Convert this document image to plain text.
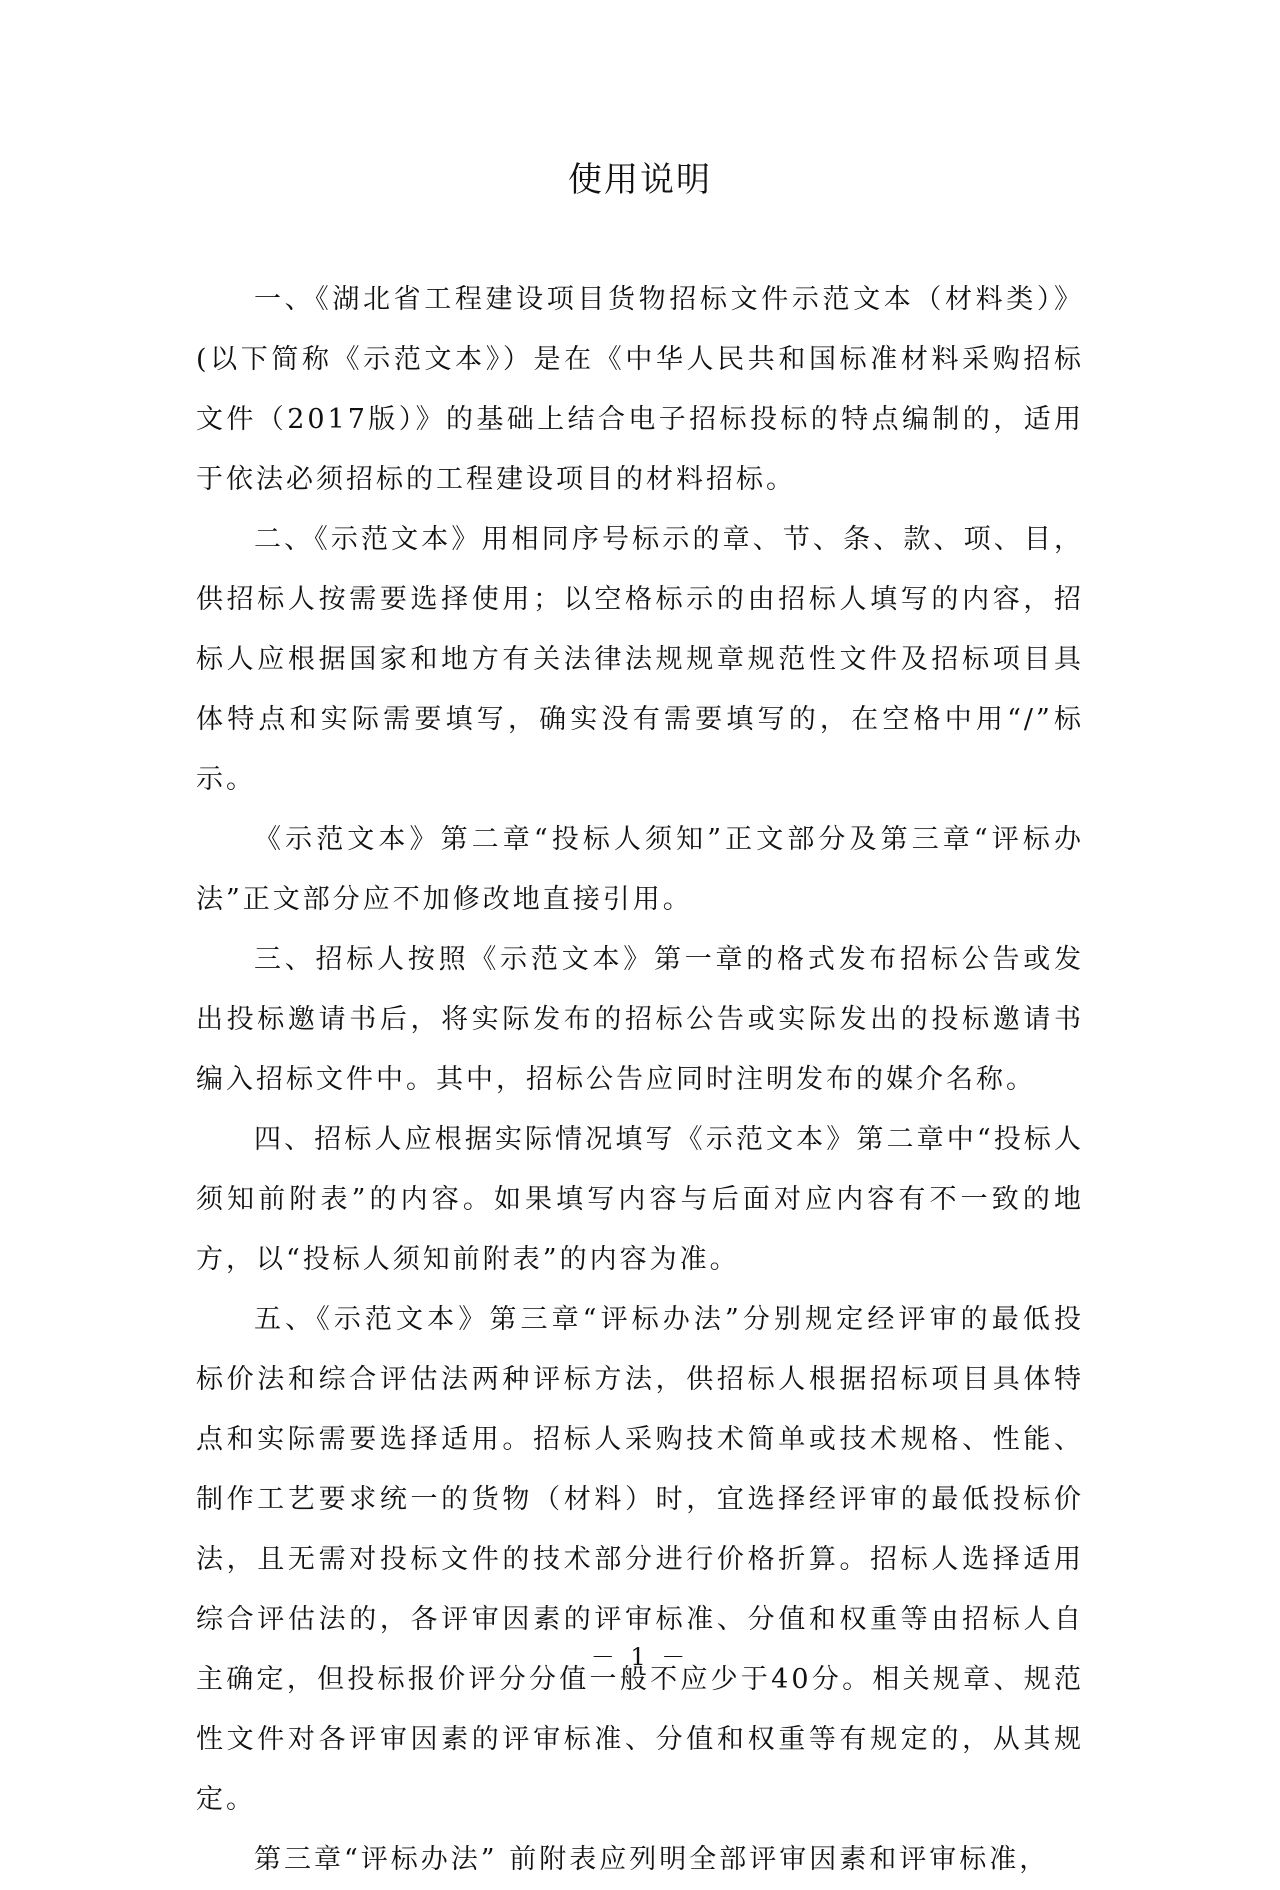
使用说明

一、《湖北省工程建设项目货物招标文件示范文本（材料类）》(以下简称《示范文本》）是在《中华人民共和国标准材料采购招标文件（2017版）》的基础上结合电子招标投标的特点编制的，适用于依法必须招标的工程建设项目的材料招标。

二、《示范文本》用相同序号标示的章、节、条、款、项、目，供招标人按需要选择使用；以空格标示的由招标人填写的内容，招标人应根据国家和地方有关法律法规规章规范性文件及招标项目具体特点和实际需要填写，确实没有需要填写的，在空格中用“/”标示。

《示范文本》第二章“投标人须知”正文部分及第三章“评标办法”正文部分应不加修改地直接引用。

三、招标人按照《示范文本》第一章的格式发布招标公告或发出投标邀请书后，将实际发布的招标公告或实际发出的投标邀请书编入招标文件中。其中，招标公告应同时注明发布的媒介名称。

四、招标人应根据实际情况填写《示范文本》第二章中“投标人须知前附表”的内容。如果填写内容与后面对应内容有不一致的地方，以“投标人须知前附表”的内容为准。

五、《示范文本》第三章“评标办法”分别规定经评审的最低投标价法和综合评估法两种评标方法，供招标人根据招标项目具体特点和实际需要选择适用。招标人采购技术简单或技术规格、性能、制作工艺要求统一的货物（材料）时，宜选择经评审的最低投标价法，且无需对投标文件的技术部分进行价格折算。招标人选择适用综合评估法的，各评审因素的评审标准、分值和权重等由招标人自主确定，但投标报价评分分值一般不应少于40分。相关规章、规范性文件对各评审因素的评审标准、分值和权重等有规定的，从其规定。

第三章“评标办法” 前附表应列明全部评审因素和评审标准，

－ 1 －
